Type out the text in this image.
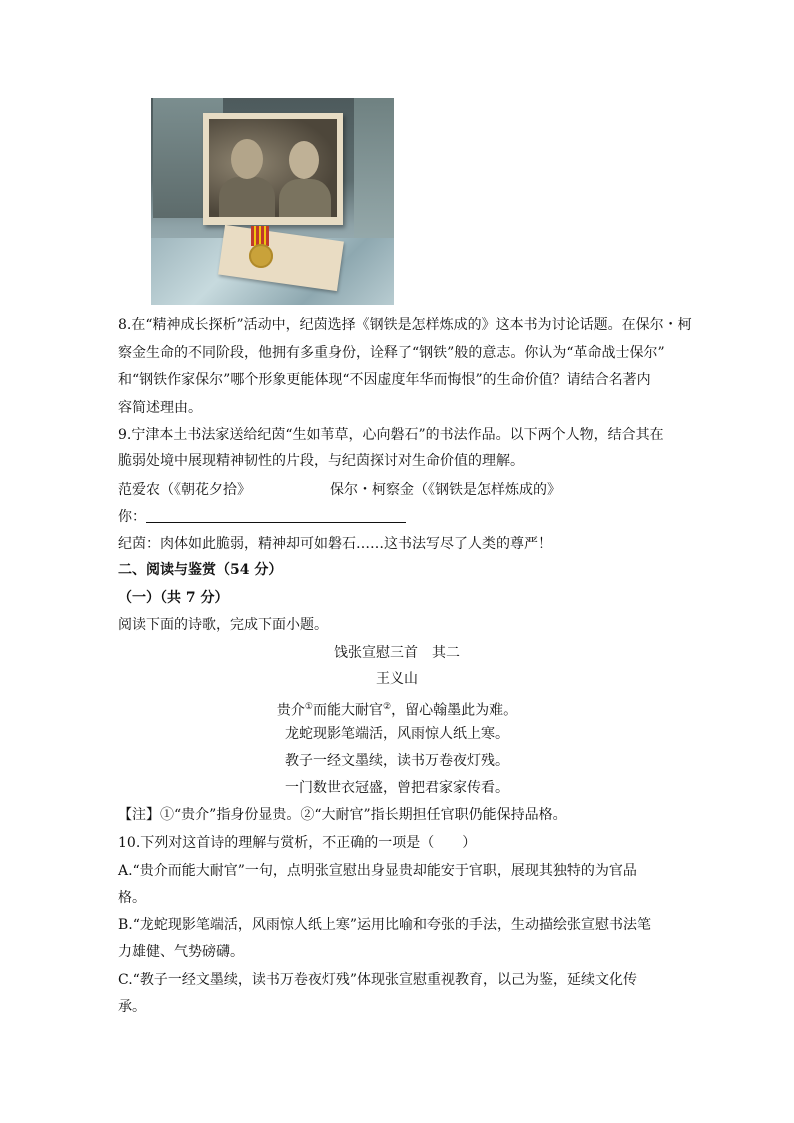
8.在“精神成长探析”活动中，纪茵选择《钢铁是怎样炼成的》这本书为讨论话题。在保尔・柯
察金生命的不同阶段，他拥有多重身份，诠释了“钢铁”般的意志。你认为“革命战士保尔”
和“钢铁作家保尔”哪个形象更能体现“不因虚度年华而悔恨”的生命价值？请结合名著内
容简述理由。
9.宁津本土书法家送给纪茵“生如苇草，心向磐石”的书法作品。以下两个人物，结合其在
脆弱处境中展现精神韧性的片段，与纪茵探讨对生命价值的理解。
范爱农（《朝花夕拾》	保尔・柯察金（《钢铁是怎样炼成的》
你：
纪茵：肉体如此脆弱，精神却可如磐石……这书法写尽了人类的尊严！
二、阅读与鉴赏（54 分）
（一）（共 7 分）
阅读下面的诗歌，完成下面小题。
饯张宣慰三首　其二
王义山
贵介①而能大耐官②，留心翰墨此为难。
龙蛇现影笔端活，风雨惊人纸上寒。
教子一经文墨续，读书万卷夜灯残。
一门数世衣冠盛，曾把君家家传看。
【注】①“贵介”指身份显贵。②“大耐官”指长期担任官职仍能保持品格。
10.下列对这首诗的理解与赏析，不正确的一项是（　　）
A.“贵介而能大耐官”一句，点明张宣慰出身显贵却能安于官职，展现其独特的为官品
格。
B.“龙蛇现影笔端活，风雨惊人纸上寒”运用比喻和夸张的手法，生动描绘张宣慰书法笔
力雄健、气势磅礴。
C.“教子一经文墨续，读书万卷夜灯残”体现张宣慰重视教育，以己为鉴，延续文化传
承。
